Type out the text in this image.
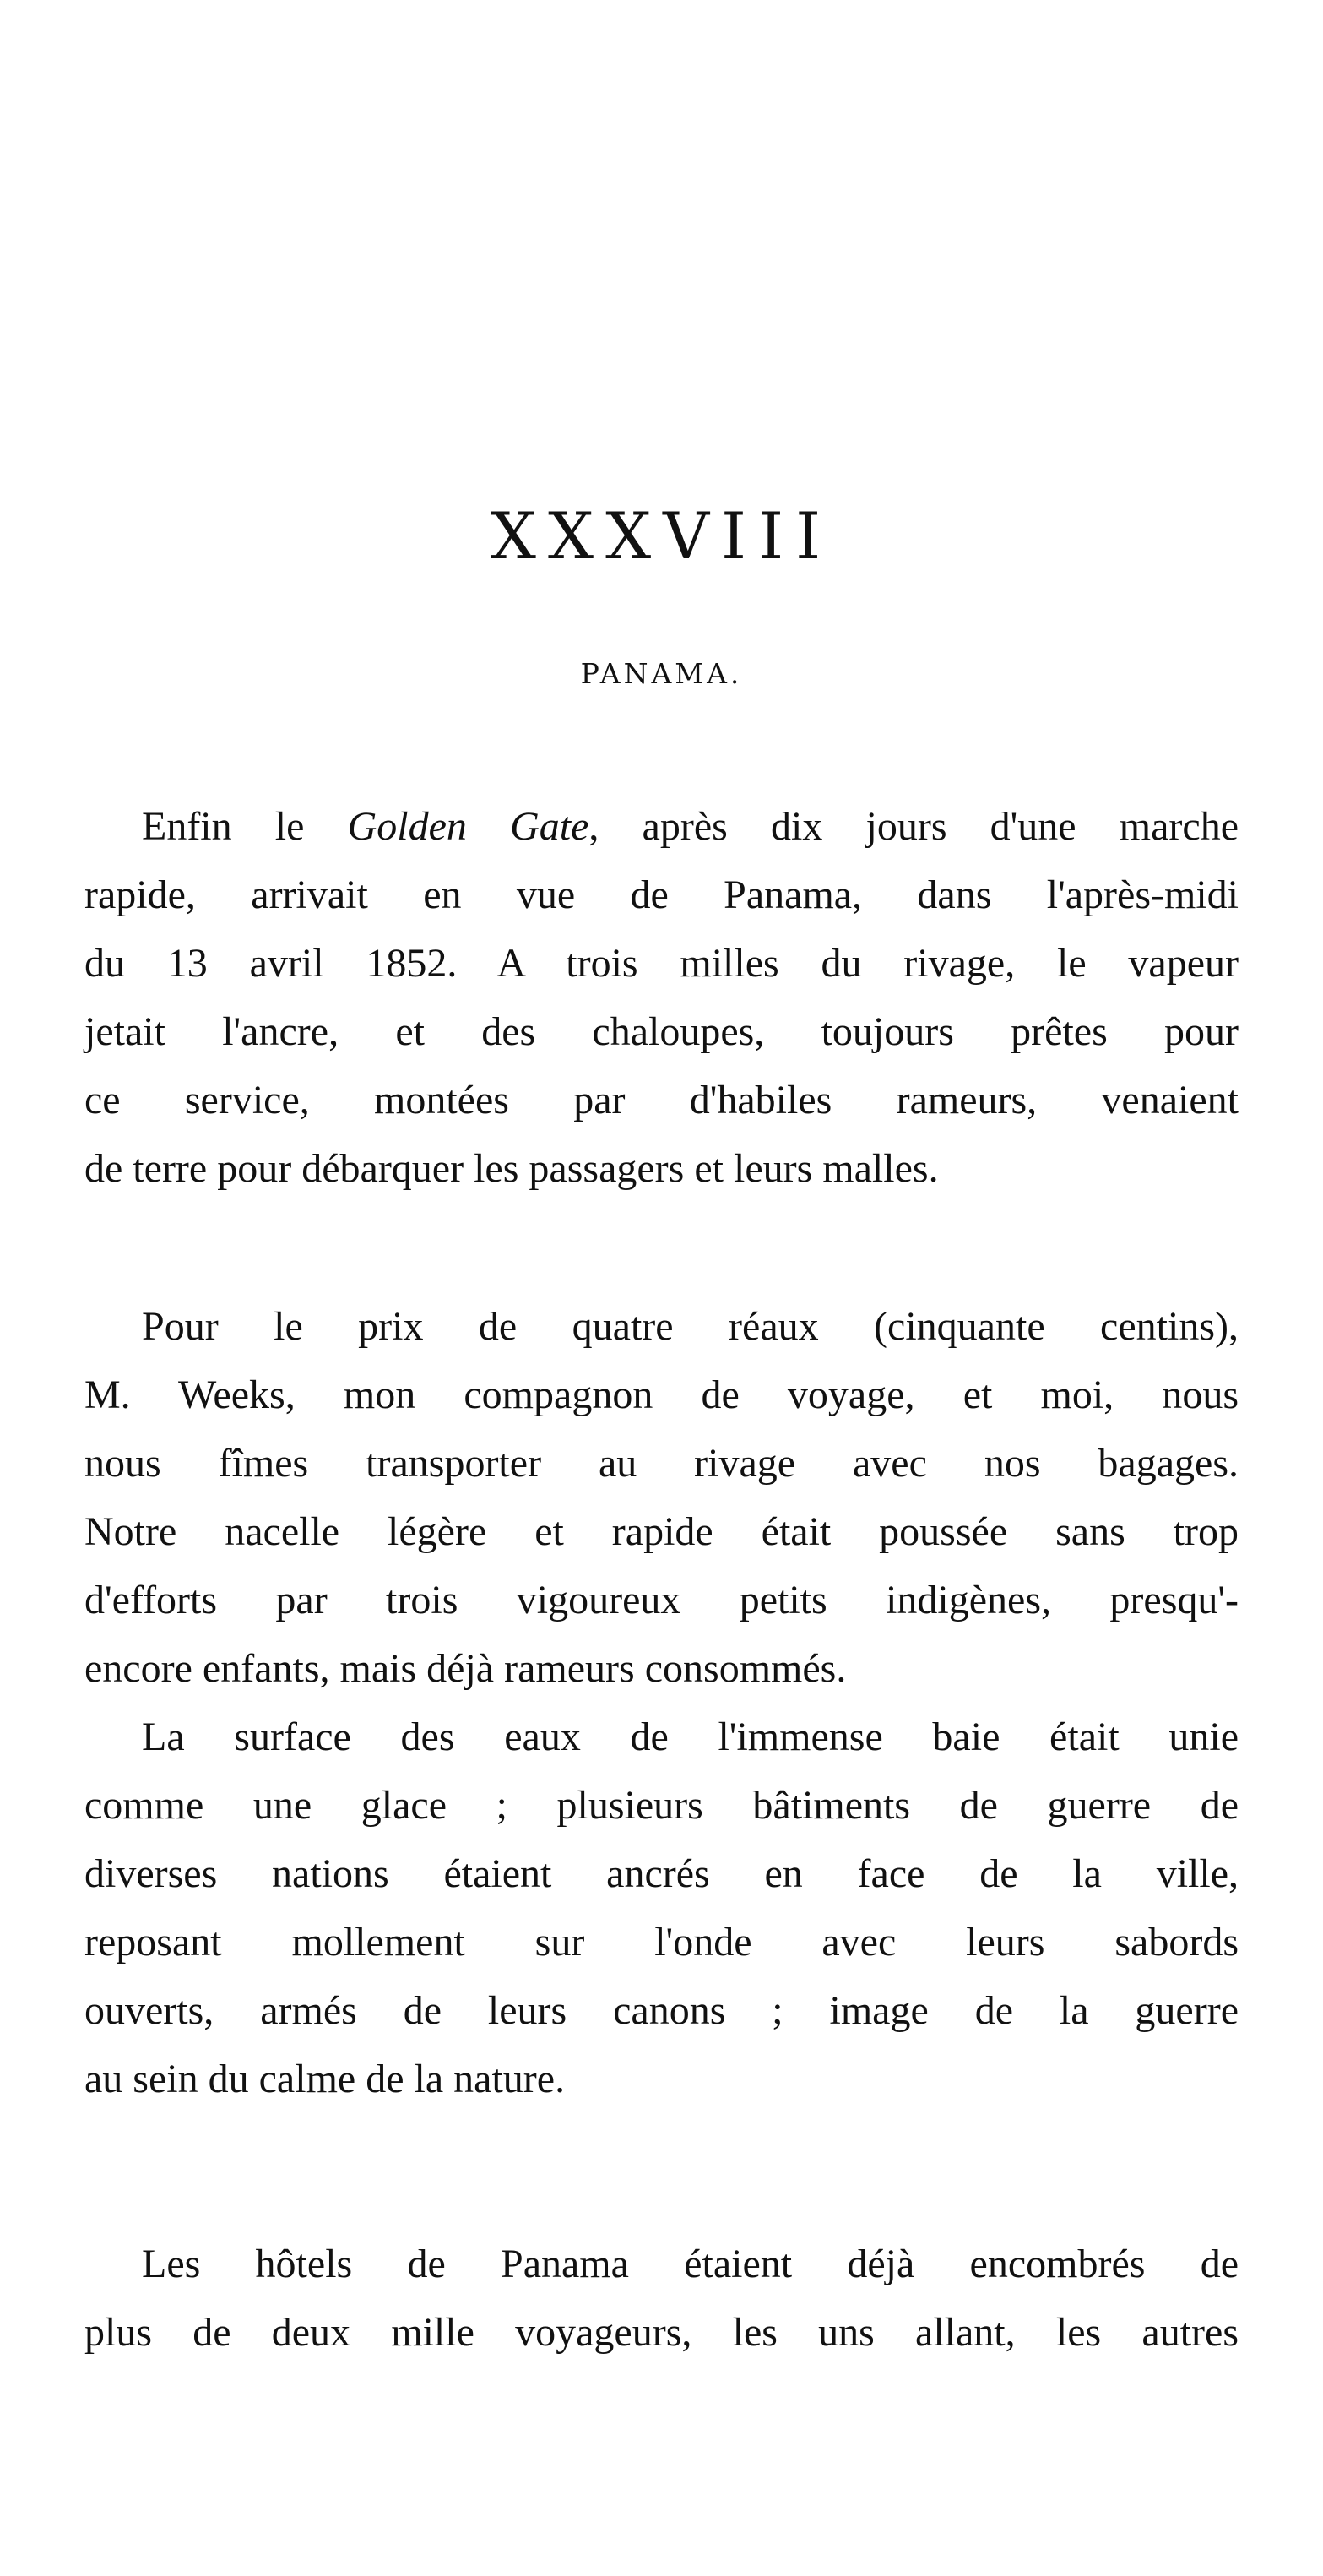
XXXVIII
PANAMA.
Enfin le Golden Gate, après dix jours d'une marche
rapide, arrivait en vue de Panama, dans l'après-midi
du 13 avril 1852. A trois milles du rivage, le vapeur
jetait l'ancre, et des chaloupes, toujours prêtes pour
ce service, montées par d'habiles rameurs, venaient
de terre pour débarquer les passagers et leurs malles.
Pour le prix de quatre réaux (cinquante centins),
M. Weeks, mon compagnon de voyage, et moi, nous
nous fîmes transporter au rivage avec nos bagages.
Notre nacelle légère et rapide était poussée sans trop
d'efforts par trois vigoureux petits indigènes, presqu'-
encore enfants, mais déjà rameurs consommés.
La surface des eaux de l'immense baie était unie
comme une glace ; plusieurs bâtiments de guerre de
diverses nations étaient ancrés en face de la ville,
reposant mollement sur l'onde avec leurs sabords
ouverts, armés de leurs canons ; image de la guerre
au sein du calme de la nature.
Les hôtels de Panama étaient déjà encombrés de
plus de deux mille voyageurs, les uns allant, les autres
